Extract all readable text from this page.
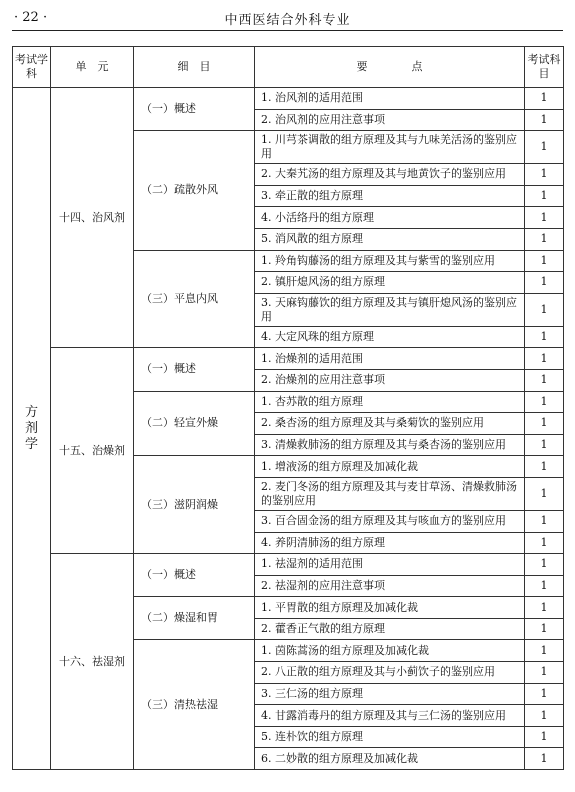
· 22 ·	中西医结合外科专业
考试学科	单　元	细　目	要　　　　点	考试科目
方剂学	十四、治风剂	（一）概述	1. 治风剂的适用范围	1
			2. 治风剂的应用注意事项	1
		（二）疏散外风	1. 川芎茶调散的组方原理及其与九味羌活汤的鉴别应用	1
			2. 大秦艽汤的组方原理及其与地黄饮子的鉴别应用	1
			3. 牵正散的组方原理	1
			4. 小活络丹的组方原理	1
			5. 消风散的组方原理	1
		（三）平息内风	1. 羚角钩藤汤的组方原理及其与紫雪的鉴别应用	1
			2. 镇肝熄风汤的组方原理	1
			3. 天麻钩藤饮的组方原理及其与镇肝熄风汤的鉴别应用	1
			4. 大定风珠的组方原理	1
	十五、治燥剂	（一）概述	1. 治燥剂的适用范围	1
			2. 治燥剂的应用注意事项	1
		（二）轻宣外燥	1. 杏苏散的组方原理	1
			2. 桑杏汤的组方原理及其与桑菊饮的鉴别应用	1
			3. 清燥救肺汤的组方原理及其与桑杏汤的鉴别应用	1
		（三）滋阴润燥	1. 增液汤的组方原理及加减化裁	1
			2. 麦门冬汤的组方原理及其与麦甘草汤、清燥救肺汤的鉴别应用	1
			3. 百合固金汤的组方原理及其与咳血方的鉴别应用	1
			4. 养阴清肺汤的组方原理	1
	十六、祛湿剂	（一）概述	1. 祛湿剂的适用范围	1
			2. 祛湿剂的应用注意事项	1
		（二）燥湿和胃	1. 平胃散的组方原理及加减化裁	1
			2. 藿香正气散的组方原理	1
		（三）清热祛湿	1. 茵陈蒿汤的组方原理及加减化裁	1
			2. 八正散的组方原理及其与小蓟饮子的鉴别应用	1
			3. 三仁汤的组方原理	1
			4. 甘露消毒丹的组方原理及其与三仁汤的鉴别应用	1
			5. 连朴饮的组方原理	1
			6. 二妙散的组方原理及加减化裁	1
